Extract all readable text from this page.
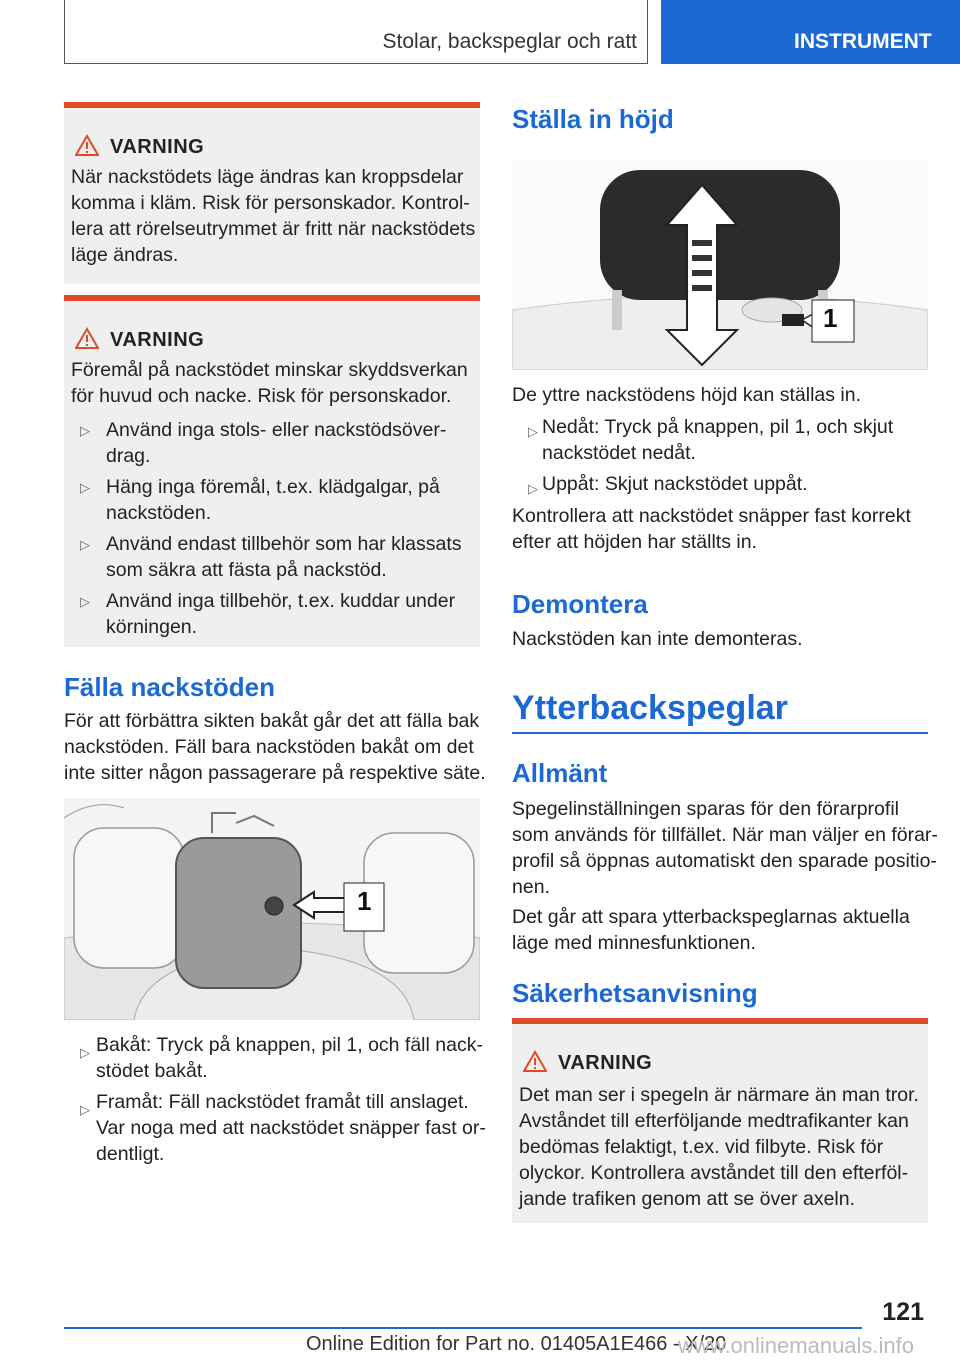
Stolar, backspeglar och ratt	INSTRUMENT
VARNING
När nackstödets läge ändras kan kroppsdelar
komma i kläm. Risk för personskador. Kontrol-
lera att rörelseutrymmet är fritt när nackstödets
läge ändras.
VARNING
Föremål på nackstödet minskar skyddsverkan
för huvud och nacke. Risk för personskador.
▷ Använd inga stols- eller nackstödsöver-
drag.
▷ Häng inga föremål, t.ex. klädgalgar, på
nackstöden.
▷ Använd endast tillbehör som har klassats
som säkra att fästa på nackstöd.
▷ Använd inga tillbehör, t.ex. kuddar under
körningen.
Fälla nackstöden
För att förbättra sikten bakåt går det att fälla bak
nackstöden. Fäll bara nackstöden bakåt om det
inte sitter någon passagerare på respektive säte.
1
▷ Bakåt: Tryck på knappen, pil 1, och fäll nack-
stödet bakåt.
▷ Framåt: Fäll nackstödet framåt till anslaget.
Var noga med att nackstödet snäpper fast or-
dentligt.
Ställa in höjd
1
De yttre nackstödens höjd kan ställas in.
▷ Nedåt: Tryck på knappen, pil 1, och skjut
nackstödet nedåt.
▷ Uppåt: Skjut nackstödet uppåt.
Kontrollera att nackstödet snäpper fast korrekt
efter att höjden har ställts in.
Demontera
Nackstöden kan inte demonteras.
Ytterbackspeglar
Allmänt
Spegelinställningen sparas för den förarprofil
som används för tillfället. När man väljer en förar-
profil så öppnas automatiskt den sparade positio-
nen.
Det går att spara ytterbackspeglarnas aktuella
läge med minnesfunktionen.
Säkerhetsanvisning
VARNING
Det man ser i spegeln är närmare än man tror.
Avståndet till efterföljande medtrafikanter kan
bedömas felaktigt, t.ex. vid filbyte. Risk för
olyckor. Kontrollera avståndet till den efterföl-
jande trafiken genom att se över axeln.
121
Online Edition for Part no. 01405A1E466 - X/20
www.onlinemanuals.info
